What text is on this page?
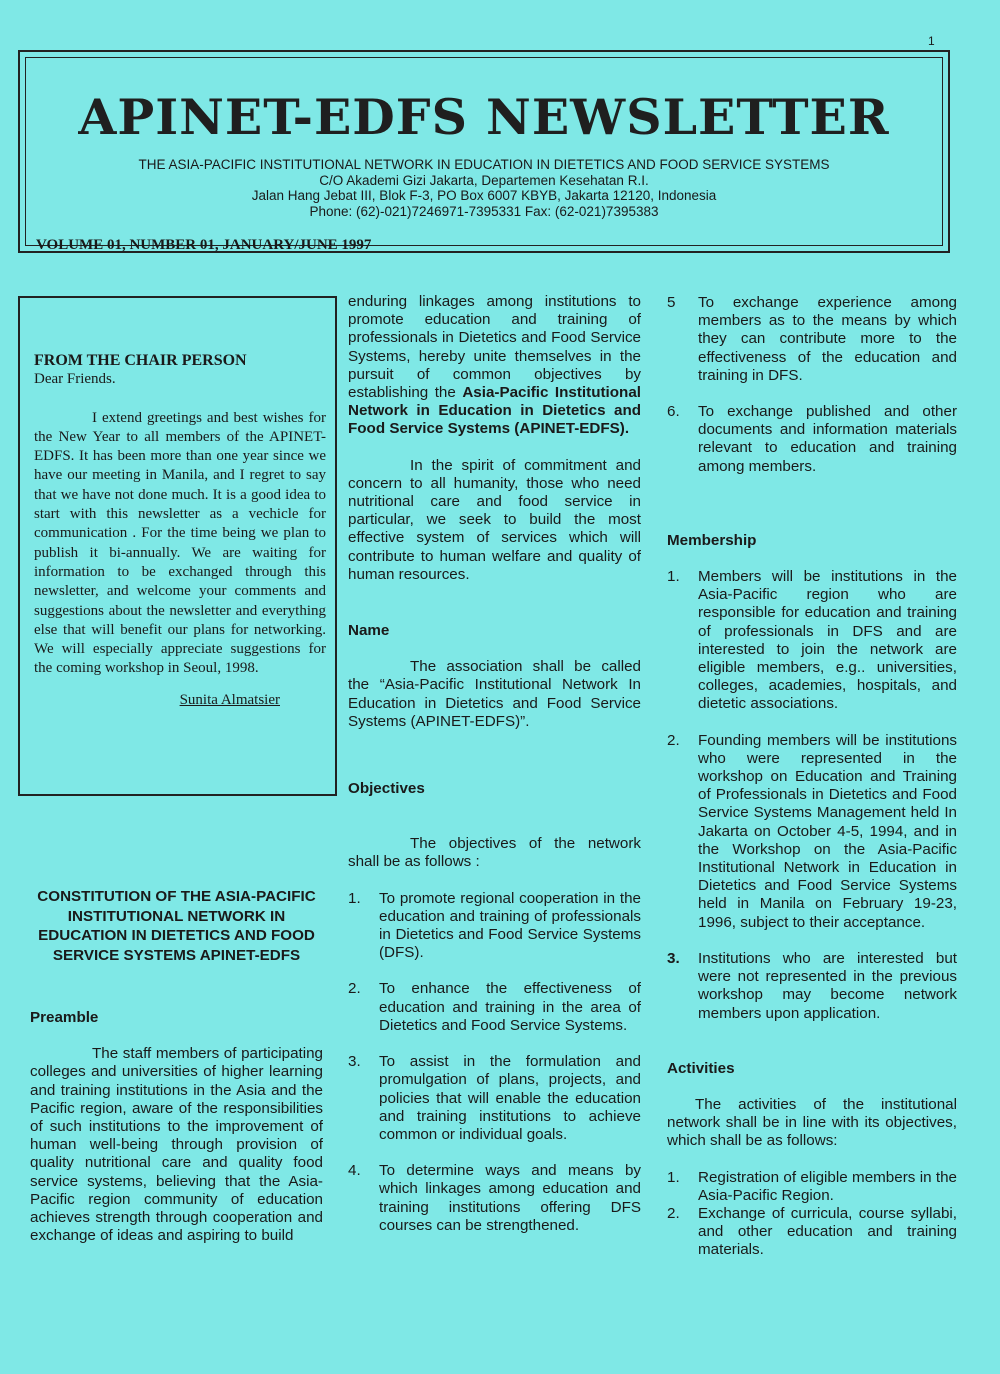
1
APINET-EDFS NEWSLETTER
THE ASIA-PACIFIC INSTITUTIONAL NETWORK IN EDUCATION IN DIETETICS AND FOOD SERVICE SYSTEMS
C/O Akademi Gizi Jakarta, Departemen Kesehatan R.I.
Jalan Hang Jebat III, Blok F-3, PO Box 6007 KBYB, Jakarta 12120, Indonesia
Phone: (62)-021)7246971-7395331 Fax: (62-021)7395383
VOLUME 01, NUMBER 01, JANUARY/JUNE 1997
FROM THE CHAIR PERSON
Dear Friends.
I extend greetings and best wishes for the New Year to all members of the APINET-EDFS. It has been more than one year since we have our meeting in Manila, and I regret to say that we have not done much. It is a good idea to start with this newsletter as a vechicle for communication . For the time being we plan to publish it bi-annually. We are waiting for information to be exchanged through this newsletter, and welcome your comments and suggestions about the newsletter and everything else that will benefit our plans for networking. We will especially appreciate suggestions for the coming workshop in Seoul, 1998.
Sunita Almatsier

CONSTITUTION OF THE ASIA-PACIFIC INSTITUTIONAL NETWORK IN EDUCATION IN DIETETICS AND FOOD SERVICE SYSTEMS APINET-EDFS

Preamble

The staff members of participating colleges and universities of higher learning and training institutions in the Asia and the Pacific region, aware of the responsibilities of such institutions to the improvement of human well-being through provision of quality nutritional care and quality food service systems, believing that the Asia-Pacific region community of education achieves strength through cooperation and exchange of ideas and aspiring to build

enduring linkages among institutions to promote education and training of professionals in Dietetics and Food Service Systems, hereby unite themselves in the pursuit of common objectives by establishing the Asia-Pacific Institutional Network in Education in Dietetics and Food Service Systems (APINET-EDFS).

In the spirit of commitment and concern to all humanity, those who need nutritional care and food service in particular, we seek to build the most effective system of services which will contribute to human welfare and quality of human resources.

Name

The association shall be called the “Asia-Pacific Institutional Network In Education in Dietetics and Food Service Systems (APINET-EDFS)”.

Objectives

The objectives of the network shall be as follows :

1. To promote regional cooperation in the education and training of professionals in Dietetics and Food Service Systems (DFS).
2. To enhance the effectiveness of education and training in the area of Dietetics and Food Service Systems.
3. To assist in the formulation and promulgation of plans, projects, and policies that will enable the education and training institutions to achieve common or individual goals.
4. To determine ways and means by which linkages among education and training institutions offering DFS courses can be strengthened.
5 To exchange experience among members as to the means by which they can contribute more to the effectiveness of the education and training in DFS.
6. To exchange published and other documents and information materials relevant to education and training among members.

Membership

1. Members will be institutions in the Asia-Pacific region who are responsible for education and training of professionals in DFS and are interested to join the network are eligible members, e.g.. universities, colleges, academies, hospitals, and dietetic associations.
2. Founding members will be institutions who were represented in the workshop on Education and Training of Professionals in Dietetics and Food Service Systems Management held In Jakarta on October 4-5, 1994, and in the Workshop on the Asia-Pacific Institutional Network in Education in Dietetics and Food Service Systems held in Manila on February 19-23, 1996, subject to their acceptance.
3. Institutions who are interested but were not represented in the previous workshop may become network members upon application.

Activities

The activities of the institutional network shall be in line with its objectives, which shall be as follows:

1. Registration of eligible members in the Asia-Pacific Region.
2. Exchange of curricula, course syllabi, and other education and training materials.
